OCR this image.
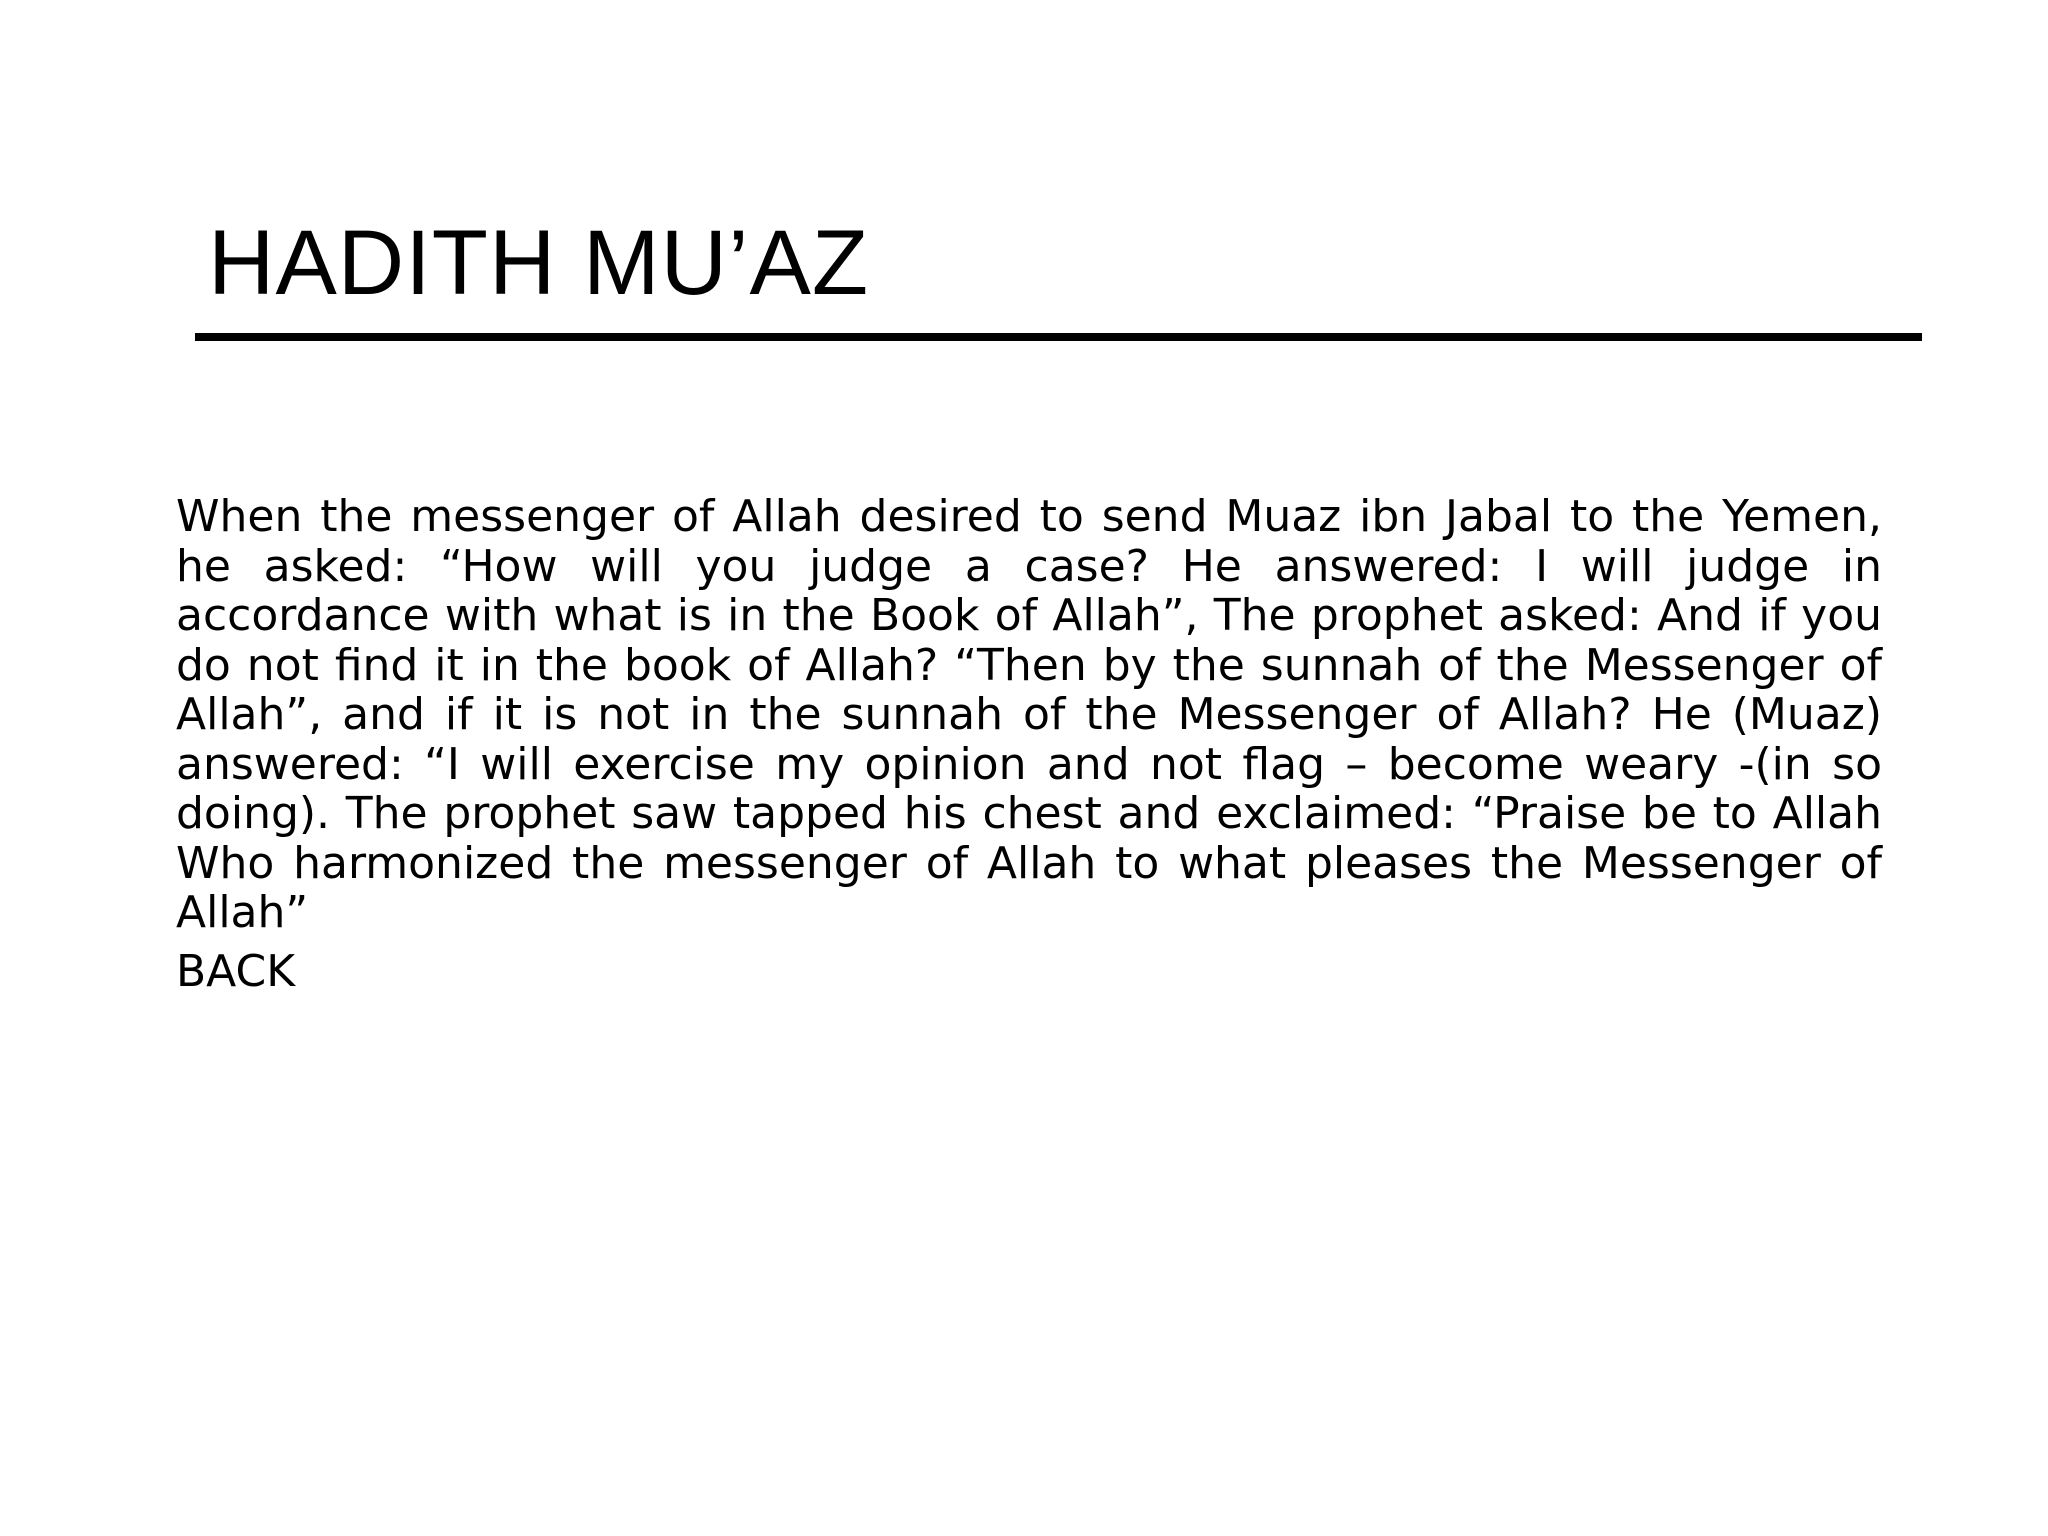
HADITH MU’AZ

When the messenger of Allah desired to send Muaz ibn Jabal to the Yemen, he asked: “How will you judge a case? He answered: I will judge in accordance with what is in the Book of Allah”, The prophet asked: And if you do not find it in the book of Allah? “Then by the sunnah of the Messenger of Allah”, and if it is not in the sunnah of the Messenger of Allah? He (Muaz) answered: “I will exercise my opinion and not flag – become weary -(in so doing). The prophet saw tapped his chest and exclaimed: “Praise be to Allah Who harmonized the messenger of Allah to what pleases the Messenger of Allah”

BACK
